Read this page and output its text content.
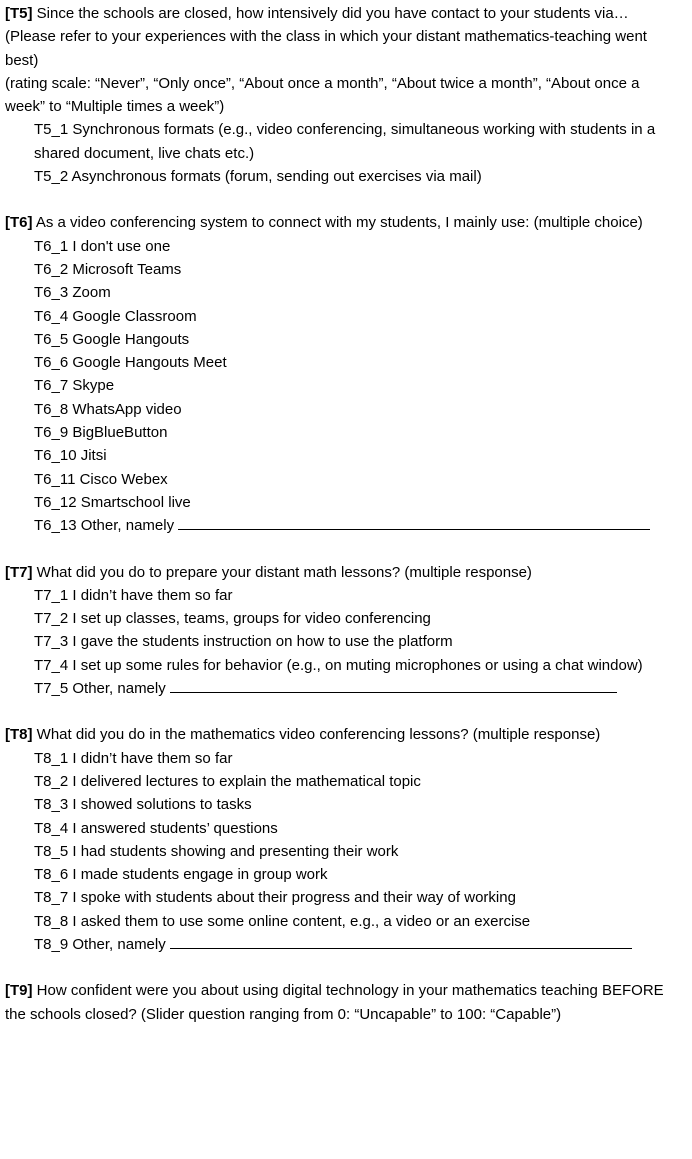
[T5] Since the schools are closed, how intensively did you have contact to your students via…

(Please refer to your experiences with the class in which your distant mathematics-teaching went best)

(rating scale: “Never”, “Only once”, “About once a month”, “About twice a month”, “About once a week” to “Multiple times a week”)

T5_1 Synchronous formats (e.g., video conferencing, simultaneous working with students in a shared document, live chats etc.)

T5_2 Asynchronous formats (forum, sending out exercises via mail)

[T6] As a video conferencing system to connect with my students, I mainly use: (multiple choice)

T6_1 I don't use one

T6_2 Microsoft Teams

T6_3 Zoom

T6_4 Google Classroom

T6_5 Google Hangouts

T6_6 Google Hangouts Meet

T6_7 Skype

T6_8 WhatsApp video

T6_9 BigBlueButton

T6_10 Jitsi

T6_11 Cisco Webex

T6_12 Smartschool live

T6_13 Other, namely

[T7] What did you do to prepare your distant math lessons? (multiple response)

T7_1 I didn’t have them so far

T7_2 I set up classes, teams, groups for video conferencing

T7_3 I gave the students instruction on how to use the platform

T7_4 I set up some rules for behavior (e.g., on muting microphones or using a chat window)

T7_5 Other, namely

[T8] What did you do in the mathematics video conferencing lessons? (multiple response)

T8_1 I didn’t have them so far

T8_2 I delivered lectures to explain the mathematical topic

T8_3 I showed solutions to tasks

T8_4 I answered students’ questions

T8_5 I had students showing and presenting their work

T8_6 I made students engage in group work

T8_7 I spoke with students about their progress and their way of working

T8_8 I asked them to use some online content, e.g., a video or an exercise

T8_9 Other, namely

[T9] How confident were you about using digital technology in your mathematics teaching BEFORE the schools closed? (Slider question ranging from 0: “Uncapable” to 100: “Capable”)
